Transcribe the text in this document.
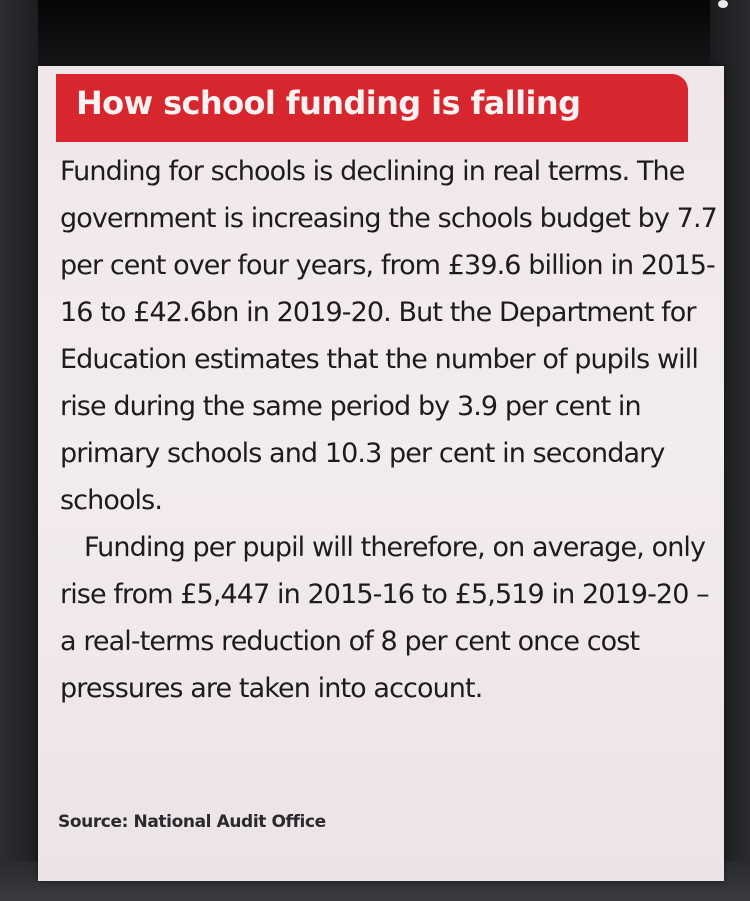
How school funding is falling

Funding for schools is declining in real terms. The government is increasing the schools budget by 7.7 per cent over four years, from £39.6 billion in 2015-16 to £42.6bn in 2019-20. But the Department for Education estimates that the number of pupils will rise during the same period by 3.9 per cent in primary schools and 10.3 per cent in secondary schools.

Funding per pupil will therefore, on average, only rise from £5,447 in 2015-16 to £5,519 in 2019-20 – a real-terms reduction of 8 per cent once cost pressures are taken into account.

Source: National Audit Office
